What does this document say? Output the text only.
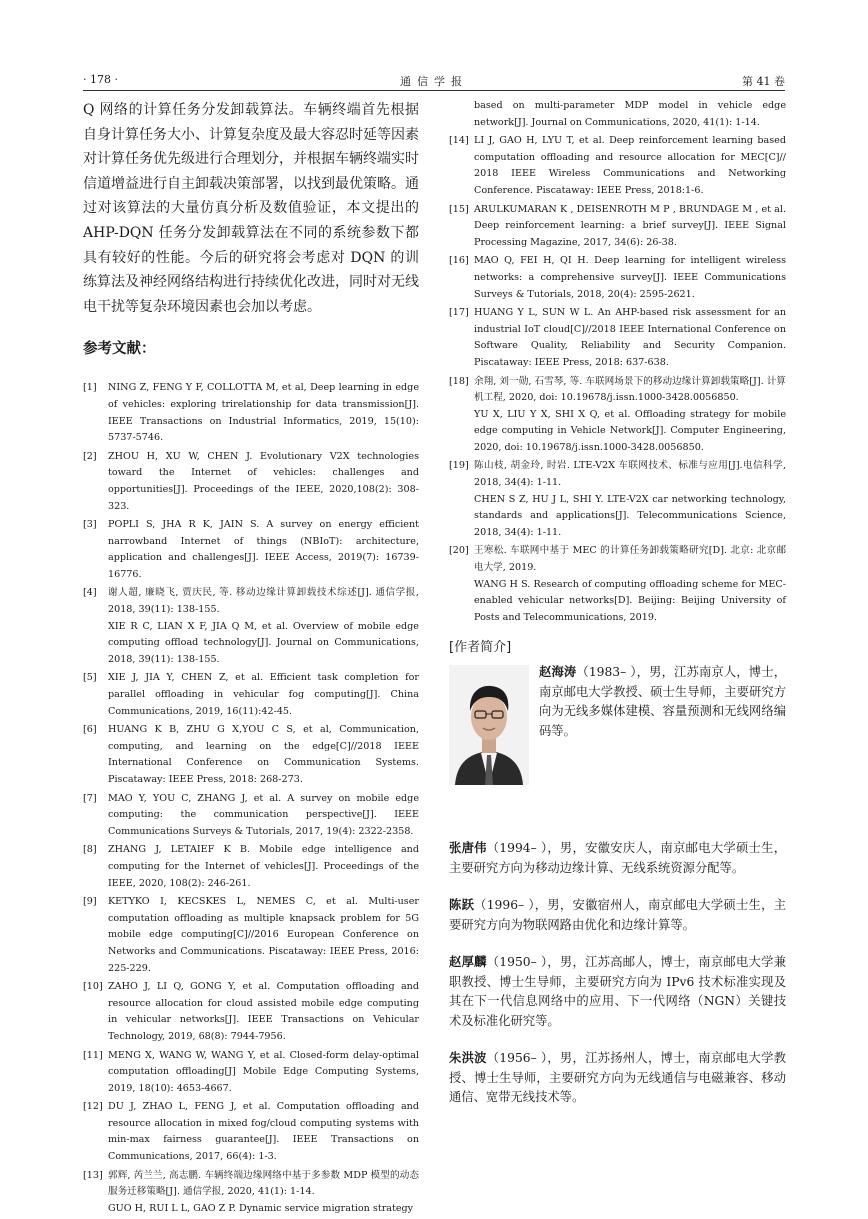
· 178 ·	通信学报	第 41 卷

Q 网络的计算任务分发卸载算法。车辆终端首先根据自身计算任务大小、计算复杂度及最大容忍时延等因素对计算任务优先级进行合理划分，并根据车辆终端实时信道增益进行自主卸载决策部署，以找到最优策略。通过对该算法的大量仿真分析及数值验证，本文提出的 AHP-DQN 任务分发卸载算法在不同的系统参数下都具有较好的性能。今后的研究将会考虑对 DQN 的训练算法及神经网络结构进行持续优化改进，同时对无线电干扰等复杂环境因素也会加以考虑。

参考文献：
[1] NING Z, FENG Y F, COLLOTTA M, et al, Deep learning in edge of vehicles: exploring trirelationship for data transmission[J]. IEEE Transactions on Industrial Informatics, 2019, 15(10): 5737-5746.
[2] ZHOU H, XU W, CHEN J. Evolutionary V2X technologies toward the Internet of vehicles: challenges and opportunities[J]. Proceedings of the IEEE, 2020,108(2): 308-323.
[3] POPLI S, JHA R K, JAIN S. A survey on energy efficient narrowband Internet of things (NBIoT): architecture, application and challenges[J]. IEEE Access, 2019(7): 16739-16776.
[4] 谢人超, 廉晓飞, 贾庆民, 等. 移动边缘计算卸载技术综述[J]. 通信学报, 2018, 39(11): 138-155.
XIE R C, LIAN X F, JIA Q M, et al. Overview of mobile edge computing offload technology[J]. Journal on Communications, 2018, 39(11): 138-155.
[5] XIE J, JIA Y, CHEN Z, et al. Efficient task completion for parallel offloading in vehicular fog computing[J]. China Communications, 2019, 16(11):42-45.
[6] HUANG K B, ZHU G X,YOU C S, et al, Communication, computing, and learning on the edge[C]//2018 IEEE International Conference on Communication Systems. Piscataway: IEEE Press, 2018: 268-273.
[7] MAO Y, YOU C, ZHANG J, et al. A survey on mobile edge computing: the communication perspective[J]. IEEE Communications Surveys & Tutorials, 2017, 19(4): 2322-2358.
[8] ZHANG J, LETAIEF K B. Mobile edge intelligence and computing for the Internet of vehicles[J]. Proceedings of the IEEE, 2020, 108(2): 246-261.
[9] KETYKO I, KECSKES L, NEMES C, et al. Multi-user computation offloading as multiple knapsack problem for 5G mobile edge computing[C]//2016 European Conference on Networks and Communications. Piscataway: IEEE Press, 2016: 225-229.
[10] ZAHO J, LI Q, GONG Y, et al. Computation offloading and resource allocation for cloud assisted mobile edge computing in vehicular networks[J]. IEEE Transactions on Vehicular Technology, 2019, 68(8): 7944-7956.
[11] MENG X, WANG W, WANG Y, et al. Closed-form delay-optimal computation offloading[J] Mobile Edge Computing Systems, 2019, 18(10): 4653-4667.
[12] DU J, ZHAO L, FENG J, et al. Computation offloading and resource allocation in mixed fog/cloud computing systems with min-max fairness guarantee[J]. IEEE Transactions on Communications, 2017, 66(4): 1-3.
[13] 郭辉, 芮兰兰, 高志鹏. 车辆终端边缘网络中基于多参数 MDP 模型的动态服务迁移策略[J]. 通信学报, 2020, 41(1): 1-14.
GUO H, RUI L L, GAO Z P. Dynamic service migration strategy
based on multi-parameter MDP model in vehicle edge network[J]. Journal on Communications, 2020, 41(1): 1-14.
[14] LI J, GAO H, LYU T, et al. Deep reinforcement learning based computation offloading and resource allocation for MEC[C]// 2018 IEEE Wireless Communications and Networking Conference. Piscataway: IEEE Press, 2018:1-6.
[15] ARULKUMARAN K , DEISENROTH M P , BRUNDAGE M , et al. Deep reinforcement learning: a brief survey[J]. IEEE Signal Processing Magazine, 2017, 34(6): 26-38.
[16] MAO Q, FEI H, QI H. Deep learning for intelligent wireless networks: a comprehensive survey[J]. IEEE Communications Surveys & Tutorials, 2018, 20(4): 2595-2621.
[17] HUANG Y L, SUN W L. An AHP-based risk assessment for an industrial IoT cloud[C]//2018 IEEE International Conference on Software Quality, Reliability and Security Companion. Piscataway: IEEE Press, 2018: 637-638.
[18] 余翔, 刘一勋, 石雪琴, 等. 车联网场景下的移动边缘计算卸载策略[J]. 计算机工程, 2020, doi: 10.19678/j.issn.1000-3428.0056850.
YU X, LIU Y X, SHI X Q, et al. Offloading strategy for mobile edge computing in Vehicle Network[J]. Computer Engineering, 2020, doi: 10.19678/j.issn.1000-3428.0056850.
[19] 陈山枝, 胡金玲, 时岩. LTE-V2X 车联网技术、标准与应用[J].电信科学, 2018, 34(4): 1-11.
CHEN S Z, HU J L, SHI Y. LTE-V2X car networking technology, standards and applications[J]. Telecommunications Science, 2018, 34(4): 1-11.
[20] 王寒松. 车联网中基于 MEC 的计算任务卸载策略研究[D]. 北京: 北京邮电大学, 2019.
WANG H S. Research of computing offloading scheme for MEC-enabled vehicular networks[D]. Beijing: Beijing University of Posts and Telecommunications, 2019.
[作者简介]

赵海涛（1983– ），男，江苏南京人，博士，南京邮电大学教授、硕士生导师，主要研究方向为无线多媒体建模、容量预测和无线网络编码等。

张唐伟（1994– ），男，安徽安庆人，南京邮电大学硕士生，主要研究方向为移动边缘计算、无线系统资源分配等。

陈跃（1996– ），男，安徽宿州人，南京邮电大学硕士生，主要研究方向为物联网路由优化和边缘计算等。

赵厚麟（1950– ），男，江苏高邮人，博士，南京邮电大学兼职教授、博士生导师，主要研究方向为 IPv6 技术标准实现及其在下一代信息网络中的应用、下一代网络（NGN）关键技术及标准化研究等。

朱洪波（1956– ），男，江苏扬州人，博士，南京邮电大学教授、博士生导师，主要研究方向为无线通信与电磁兼容、移动通信、宽带无线技术等。
